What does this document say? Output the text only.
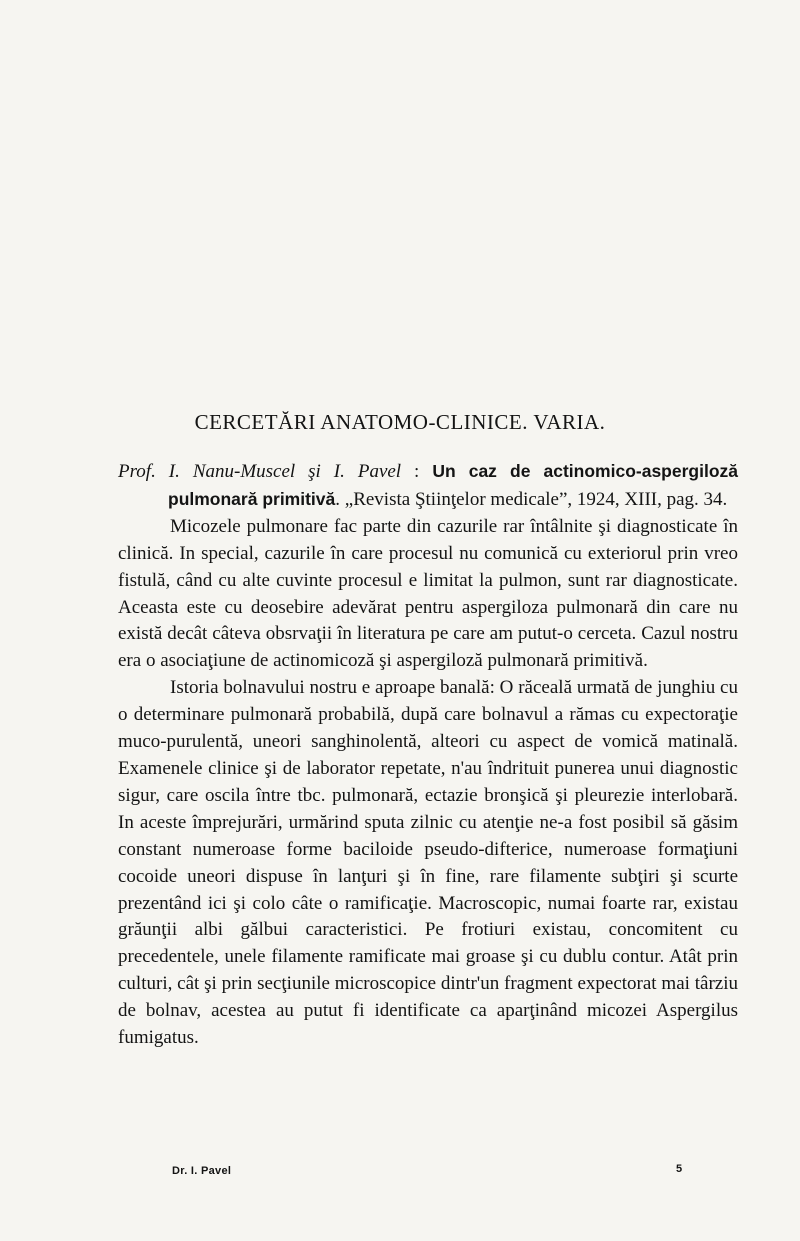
CERCETĂRI ANATOMO-CLINICE. VARIA.

Prof. I. Nanu-Muscel şi I. Pavel : Un caz de actinomico-aspergiloză pulmonară primitivă. „Revista Ştiinţelor medicale”, 1924, XIII, pag. 34.

Micozele pulmonare fac parte din cazurile rar întâlnite şi diagnosticate în clinică. In special, cazurile în care procesul nu comunică cu exteriorul prin vreo fistulă, când cu alte cuvinte procesul e limitat la pulmon, sunt rar diagnosticate. Aceasta este cu deosebire adevărat pentru aspergiloza pulmonară din care nu există decât câteva obsrvaţii în literatura pe care am putut-o cerceta. Cazul nostru era o asociaţiune de actinomicoză şi aspergiloză pulmonară primitivă.

Istoria bolnavului nostru e aproape banală: O răceală urmată de junghiu cu o determinare pulmonară probabilă, după care bolnavul a rămas cu expectoraţie muco-purulentă, uneori sanghinolentă, alteori cu aspect de vomică matinală. Examenele clinice şi de laborator repetate, n'au îndrituit punerea unui diagnostic sigur, care oscila între tbc. pulmonară, ectazie bronşică şi pleurezie interlobară. In aceste împrejurări, urmărind sputa zilnic cu atenţie ne-a fost posibil să găsim constant numeroase forme baciloide pseudo-difterice, numeroase formaţiuni cocoide uneori dispuse în lanţuri şi în fine, rare filamente subţiri şi scurte prezentând ici şi colo câte o ramificaţie. Macroscopic, numai foarte rar, existau grăunţii albi gălbui caracteristici. Pe frotiuri existau, concomitent cu precedentele, unele filamente ramificate mai groase şi cu dublu contur. Atât prin culturi, cât şi prin secţiunile microscopice dintr'un fragment expectorat mai târziu de bolnav, acestea au putut fi identificate ca aparţinând micozei Aspergilus fumigatus.

Dr. I. Pavel	5
